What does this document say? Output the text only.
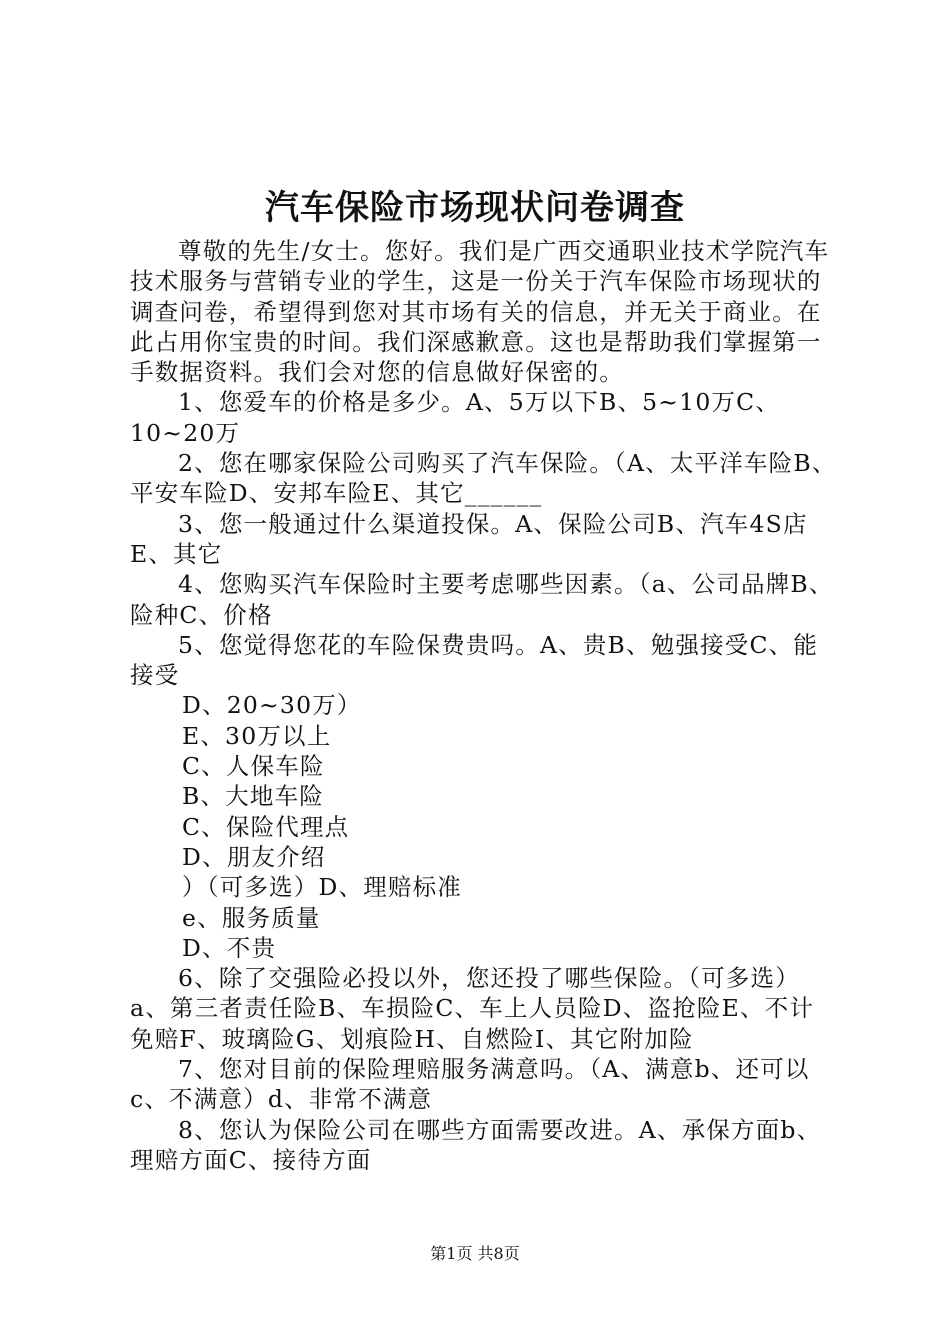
汽车保险市场现状问卷调查

尊敬的先生/女士。您好。我们是广西交通职业技术学院汽车技术服务与营销专业的学生，这是一份关于汽车保险市场现状的调查问卷，希望得到您对其市场有关的信息，并无关于商业。在此占用你宝贵的时间。我们深感歉意。这也是帮助我们掌握第一手数据资料。我们会对您的信息做好保密的。

1、您爱车的价格是多少。A、5万以下B、5~10万C、10~20万

2、您在哪家保险公司购买了汽车保险。（A、太平洋车险B、平安车险D、安邦车险E、其它______

3、您一般通过什么渠道投保。A、保险公司B、汽车4S店E、其它

4、您购买汽车保险时主要考虑哪些因素。（a、公司品牌B、险种C、价格

5、您觉得您花的车险保费贵吗。A、贵B、勉强接受C、能接受

D、20~30万）

E、30万以上

C、人保车险

B、大地车险

C、保险代理点

D、朋友介绍

）（可多选）D、理赔标准

e、服务质量

D、不贵

6、除了交强险必投以外，您还投了哪些保险。（可多选）a、第三者责任险B、车损险C、车上人员险D、盗抢险E、不计免赔F、玻璃险G、划痕险H、自燃险I、其它附加险

7、您对目前的保险理赔服务满意吗。（A、满意b、还可以c、不满意）d、非常不满意

8、您认为保险公司在哪些方面需要改进。A、承保方面b、理赔方面C、接待方面

第1页 共8页
